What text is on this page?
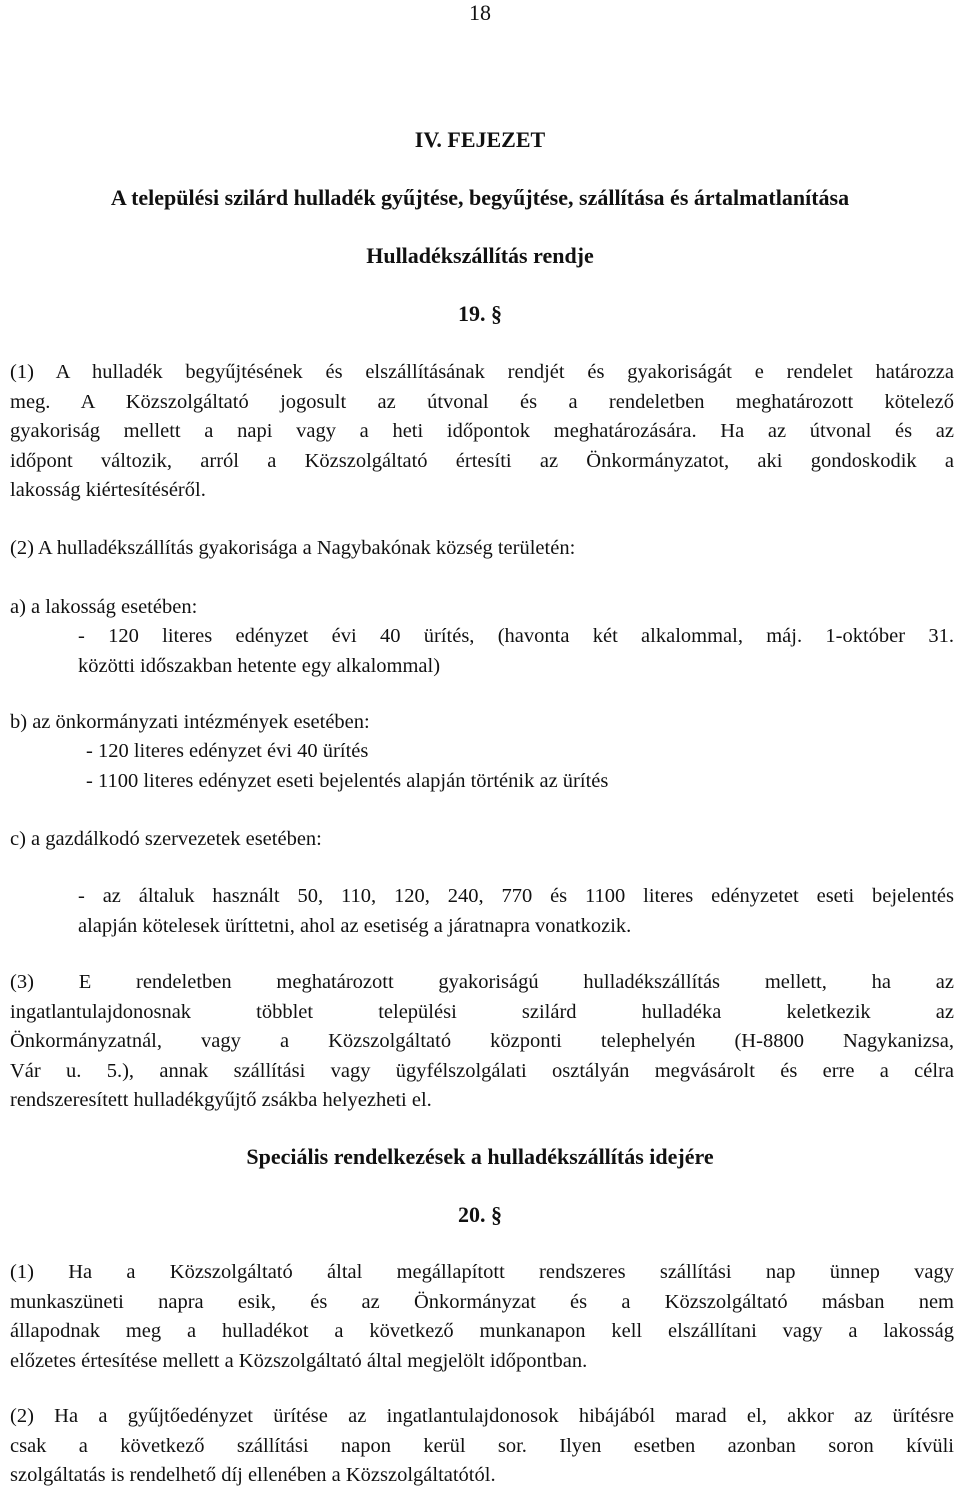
18
IV. FEJEZET
A települési szilárd hulladék gyűjtése, begyűjtése, szállítása és ártalmatlanítása
Hulladékszállítás rendje
19. §
(1) A hulladék begyűjtésének és elszállításának rendjét és gyakoriságát e rendelet határozza
meg. A Közszolgáltató jogosult az útvonal és a rendeletben meghatározott kötelező
gyakoriság mellett a napi vagy a heti időpontok meghatározására. Ha az útvonal és az
időpont változik, arról a Közszolgáltató értesíti az Önkormányzatot, aki gondoskodik a
lakosság kiértesítéséről.
(2) A hulladékszállítás gyakorisága a Nagybakónak község területén:
a) a lakosság esetében:
- 120 literes edényzet évi 40 ürítés, (havonta két alkalommal, máj. 1-október 31.
közötti időszakban hetente egy alkalommal)
b) az önkormányzati intézmények esetében:
- 120 literes edényzet évi 40 ürítés
- 1100 literes edényzet eseti bejelentés alapján történik az ürítés
c) a gazdálkodó szervezetek esetében:
- az általuk használt 50, 110, 120, 240, 770 és 1100 literes edényzetet eseti bejelentés
alapján kötelesek üríttetni, ahol az esetiség a járatnapra vonatkozik.
(3) E rendeletben meghatározott gyakoriságú hulladékszállítás mellett, ha az
ingatlantulajdonosnak többlet települési szilárd hulladéka keletkezik az
Önkormányzatnál, vagy a Közszolgáltató központi telephelyén (H-8800 Nagykanizsa,
Vár u. 5.), annak szállítási vagy ügyfélszolgálati osztályán megvásárolt és erre a célra
rendszeresített hulladékgyűjtő zsákba helyezheti el.
Speciális rendelkezések a hulladékszállítás idejére
20. §
(1) Ha a Közszolgáltató által megállapított rendszeres szállítási nap ünnep vagy
munkaszüneti napra esik, és az Önkormányzat és a Közszolgáltató másban nem
állapodnak meg a hulladékot a következő munkanapon kell elszállítani vagy a lakosság
előzetes értesítése mellett a Közszolgáltató által megjelölt időpontban.
(2) Ha a gyűjtőedényzet ürítése az ingatlantulajdonosok hibájából marad el, akkor az ürítésre
csak a következő szállítási napon kerül sor. Ilyen esetben azonban soron kívüli
szolgáltatás is rendelhető díj ellenében a Közszolgáltatótól.
